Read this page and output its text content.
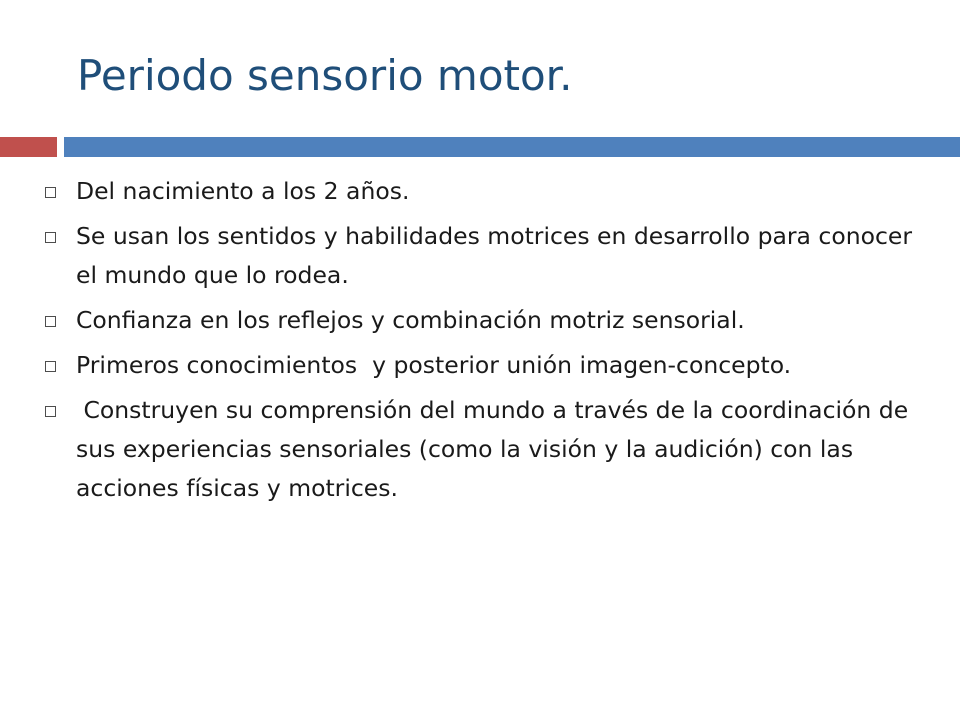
Periodo sensorio motor.
Del nacimiento a los 2 años.
Se usan los sentidos y habilidades motrices en desarrollo para conocer el mundo que lo rodea.
Confianza en los reflejos y combinación motriz sensorial.
Primeros conocimientos  y posterior unión imagen-concepto.
Construyen su comprensión del mundo a través de la coordinación de sus experiencias sensoriales (como la visión y la audición) con las acciones físicas y motrices.
